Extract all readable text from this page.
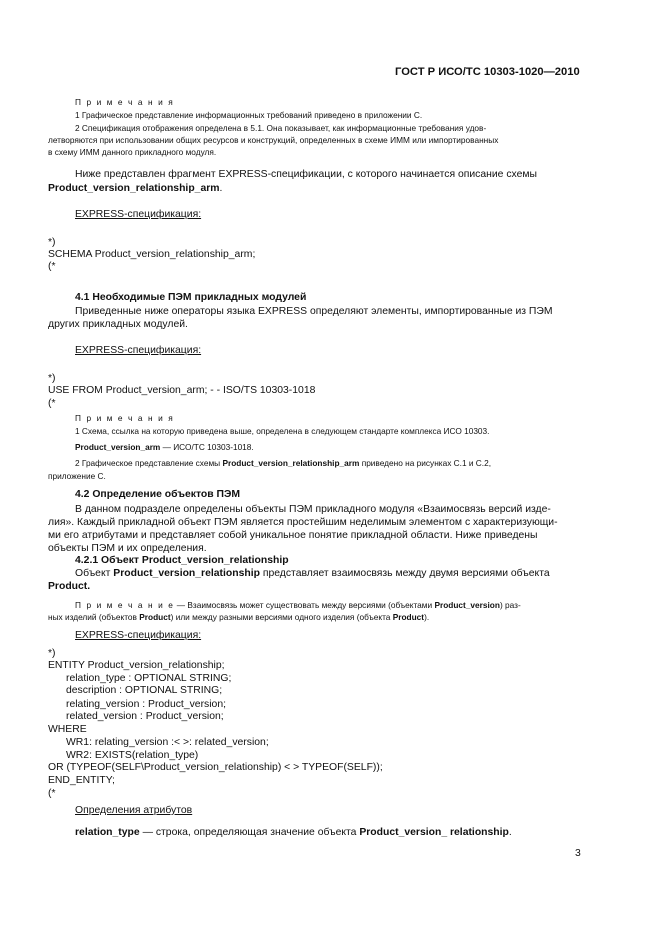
ГОСТ Р ИСО/ТС 10303-1020—2010
П р и м е ч а н и я
1 Графическое представление информационных требований приведено в приложении С.
2 Спецификация отображения определена в 5.1. Она показывает, как информационные требования удов-
летворяются при использовании общих ресурсов и конструкций, определенных в схеме ИММ или импортированных
в схему ИММ данного прикладного модуля.
Ниже представлен фрагмент EXPRESS-спецификации, с которого начинается описание схемы
Product_version_relationship_arm.
EXPRESS-спецификация:
*)
SCHEMA Product_version_relationship_arm;
(*
4.1 Необходимые ПЭМ прикладных модулей
Приведенные ниже операторы языка EXPRESS определяют элементы, импортированные из ПЭМ
других прикладных модулей.
EXPRESS-спецификация:
*)
USE FROM Product_version_arm; - - ISO/TS 10303-1018
(*
П р и м е ч а н и я
1 Схема, ссылка на которую приведена выше, определена в следующем стандарте комплекса ИСО 10303.
Product_version_arm — ИСО/ТС 10303-1018.
2 Графическое представление схемы Product_version_relationship_arm приведено на рисунках С.1 и С.2,
приложение С.
4.2 Определение объектов ПЭМ
В данном подразделе определены объекты ПЭМ прикладного модуля «Взаимосвязь версий изде-
лия». Каждый прикладной объект ПЭМ является простейшим неделимым элементом с характеризующи-
ми его атрибутами и представляет собой уникальное понятие прикладной области. Ниже приведены
объекты ПЭМ и их определения.
4.2.1 Объект Product_version_relationship
Объект Product_version_relationship представляет взаимосвязь между двумя версиями объекта
Product.
П р и м е ч а н и е — Взаимосвязь может существовать между версиями (объектами Product_version) раз-
ных изделий (объектов Product) или между разными версиями одного изделия (объекта Product).
EXPRESS-спецификация:
*)
ENTITY Product_version_relationship;
relation_type : OPTIONAL STRING;
description : OPTIONAL STRING;
relating_version : Product_version;
related_version : Product_version;
WHERE
WR1: relating_version :< >: related_version;
WR2: EXISTS(relation_type)
OR (TYPEOF(SELF\Product_version_relationship) < > TYPEOF(SELF));
END_ENTITY;
(*
Определения атрибутов
relation_type — строка, определяющая значение объекта Product_version_ relationship.
3
